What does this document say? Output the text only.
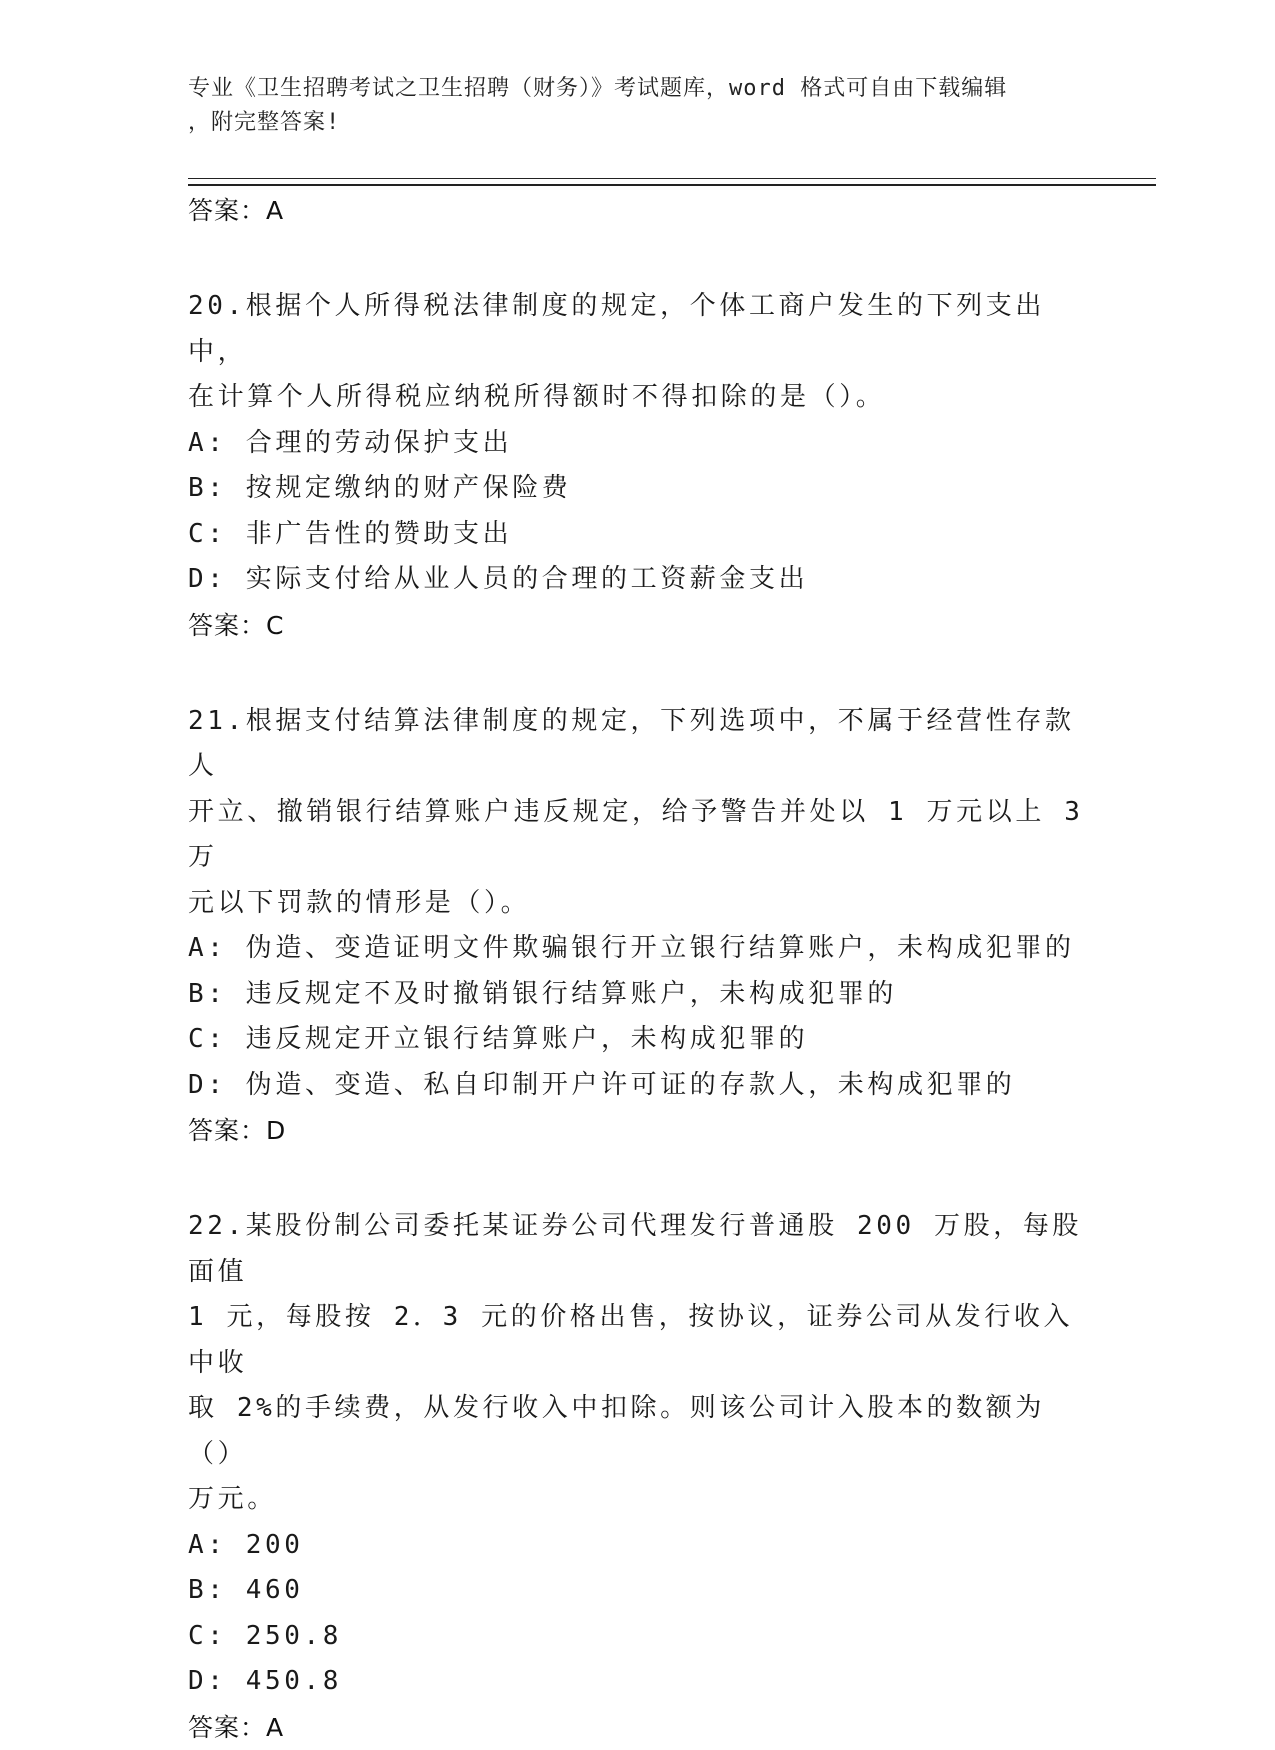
专业《卫生招聘考试之卫生招聘（财务）》考试题库，word 格式可自由下载编辑
，附完整答案!
答案：A
20.根据个人所得税法律制度的规定，个体工商户发生的下列支出中，
在计算个人所得税应纳税所得额时不得扣除的是（）。
A: 合理的劳动保护支出
B: 按规定缴纳的财产保险费
C: 非广告性的赞助支出
D: 实际支付给从业人员的合理的工资薪金支出
答案：C
21.根据支付结算法律制度的规定，下列选项中，不属于经营性存款人
开立、撤销银行结算账户违反规定，给予警告并处以 1 万元以上 3 万
元以下罚款的情形是（）。
A: 伪造、变造证明文件欺骗银行开立银行结算账户，未构成犯罪的
B: 违反规定不及时撤销银行结算账户，未构成犯罪的
C: 违反规定开立银行结算账户，未构成犯罪的
D: 伪造、变造、私自印制开户许可证的存款人，未构成犯罪的
答案：D
22.某股份制公司委托某证券公司代理发行普通股 200 万股，每股面值
1 元，每股按 2．3 元的价格出售，按协议，证券公司从发行收入中收
取 2%的手续费，从发行收入中扣除。则该公司计入股本的数额为（）
万元。
A: 200
B: 460
C: 250.8
D: 450.8
答案：A
